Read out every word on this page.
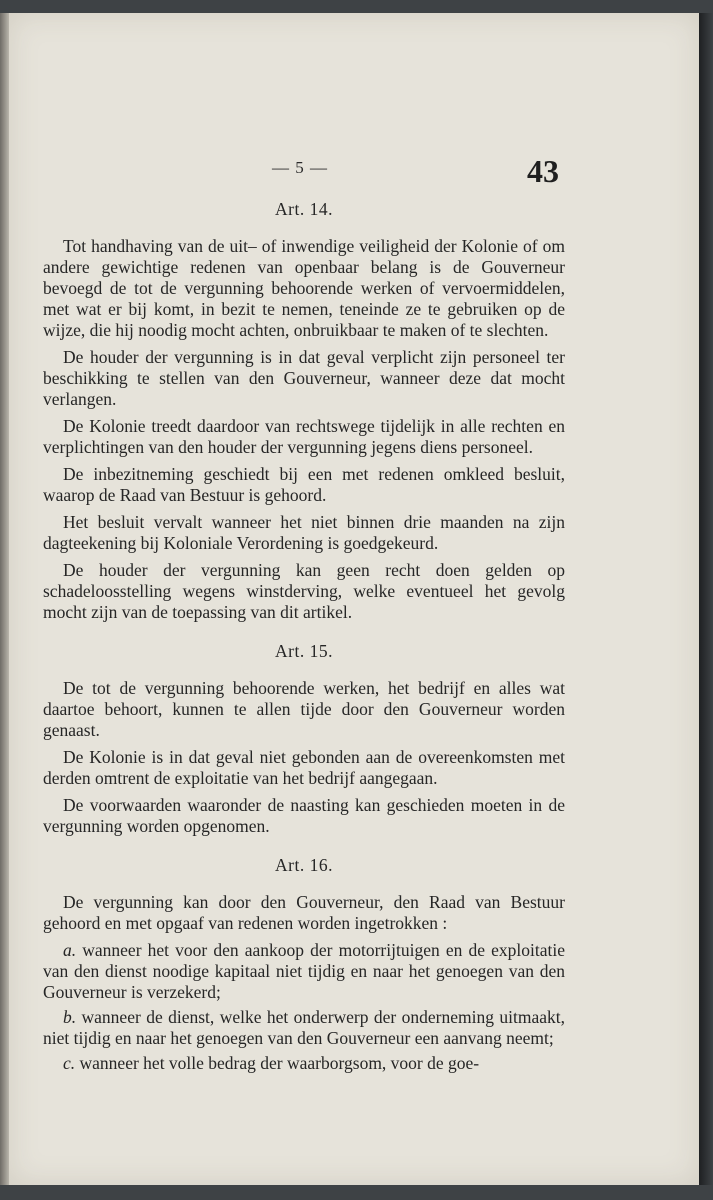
— 5 —	43
Art. 14.

Tot handhaving van de uit– of inwendige veiligheid der Kolonie of om andere gewichtige redenen van openbaar belang is de Gouverneur bevoegd de tot de vergunning behoorende werken of vervoermiddelen, met wat er bij komt, in bezit te nemen, teneinde ze te gebruiken op de wijze, die hij noodig mocht achten, onbruikbaar te maken of te slechten.

De houder der vergunning is in dat geval verplicht zijn personeel ter beschikking te stellen van den Gouverneur, wanneer deze dat mocht verlangen.

De Kolonie treedt daardoor van rechtswege tijdelijk in alle rechten en verplichtingen van den houder der vergunning jegens diens personeel.

De inbezitneming geschiedt bij een met redenen omkleed besluit, waarop de Raad van Bestuur is gehoord.

Het besluit vervalt wanneer het niet binnen drie maanden na zijn dagteekening bij Koloniale Verordening is goedgekeurd.

De houder der vergunning kan geen recht doen gelden op schadeloosstelling wegens winstderving, welke eventueel het gevolg mocht zijn van de toepassing van dit artikel.

Art. 15.

De tot de vergunning behoorende werken, het bedrijf en alles wat daartoe behoort, kunnen te allen tijde door den Gouverneur worden genaast.

De Kolonie is in dat geval niet gebonden aan de overeenkomsten met derden omtrent de exploitatie van het bedrijf aangegaan.

De voorwaarden waaronder de naasting kan geschieden moeten in de vergunning worden opgenomen.

Art. 16.

De vergunning kan door den Gouverneur, den Raad van Bestuur gehoord en met opgaaf van redenen worden ingetrokken :

a. wanneer het voor den aankoop der motorrijtuigen en de exploitatie van den dienst noodige kapitaal niet tijdig en naar het genoegen van den Gouverneur is verzekerd;

b. wanneer de dienst, welke het onderwerp der onderneming uitmaakt, niet tijdig en naar het genoegen van den Gouverneur een aanvang neemt;

c. wanneer het volle bedrag der waarborgsom, voor de goe-
